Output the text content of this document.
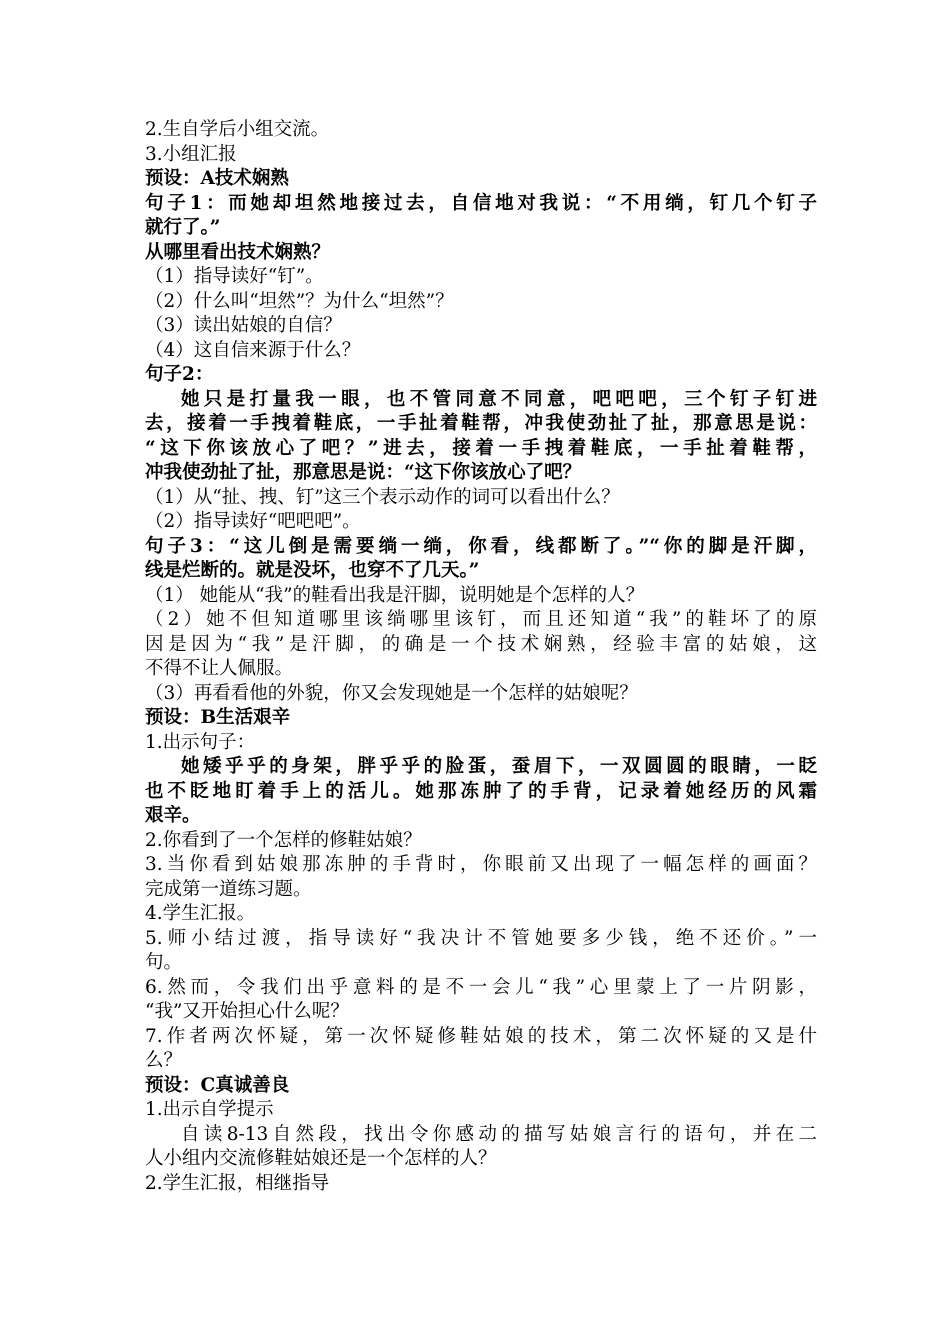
2.生自学后小组交流。
3.小组汇报
预设：A技术娴熟
句子1：而她却坦然地接过去，自信地对我说：“不用绱，钉几个钉子
就行了。”
从哪里看出技术娴熟？
（1）指导读好“钉”。
（2）什么叫“坦然”？为什么“坦然”？
（3）读出姑娘的自信？
（4）这自信来源于什么？
句子2：
她只是打量我一眼，也不管同意不同意，吧吧吧，三个钉子钉进
去，接着一手拽着鞋底，一手扯着鞋帮，冲我使劲扯了扯，那意思是说：
“这下你该放心了吧？”进去，接着一手拽着鞋底，一手扯着鞋帮，
冲我使劲扯了扯，那意思是说：“这下你该放心了吧？
（1）从“扯、拽、钉”这三个表示动作的词可以看出什么？
（2）指导读好“吧吧吧”。
句子3：“这儿倒是需要绱一绱，你看，线都断了。”“你的脚是汗脚，
线是烂断的。就是没坏，也穿不了几天。”
（1） 她能从“我”的鞋看出我是汗脚，说明她是个怎样的人？
（2）她不但知道哪里该绱哪里该钉，而且还知道“我”的鞋坏了的原
因是因为“我”是汗脚，的确是一个技术娴熟，经验丰富的姑娘，这
不得不让人佩服。
（3）再看看他的外貌，你又会发现她是一个怎样的姑娘呢？
预设：B生活艰辛
1.出示句子：
她矮乎乎的身架，胖乎乎的脸蛋，蚕眉下，一双圆圆的眼睛，一眨
也不眨地盯着手上的活儿。她那冻肿了的手背，记录着她经历的风霜
艰辛。
2.你看到了一个怎样的修鞋姑娘？
3.当你看到姑娘那冻肿的手背时，你眼前又出现了一幅怎样的画面？
完成第一道练习题。
4.学生汇报。
5.师小结过渡，指导读好“我决计不管她要多少钱，绝不还价。”一
句。
6.然而，令我们出乎意料的是不一会儿“我”心里蒙上了一片阴影，
“我”又开始担心什么呢？
7.作者两次怀疑，第一次怀疑修鞋姑娘的技术，第二次怀疑的又是什
么？
预设：C真诚善良
1.出示自学提示
自读8-13自然段，找出令你感动的描写姑娘言行的语句，并在二
人小组内交流修鞋姑娘还是一个怎样的人？
2.学生汇报，相继指导
